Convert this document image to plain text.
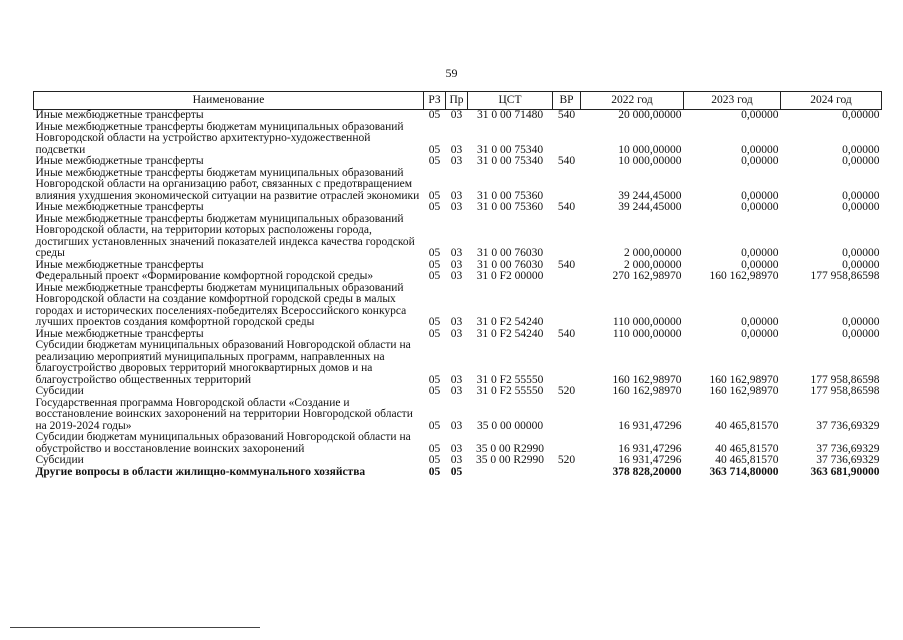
59
Наименование	РЗ	Пр	ЦСТ	ВР	2022 год	2023 год	2024 год
Иные межбюджетные трансферты	05	03	31 0 00 71480	540	20 000,00000	0,00000	0,00000
Иные межбюджетные трансферты бюджетам муниципальных образований Новгородской области на устройство архитектурно-художественной подсветки	05	03	31 0 00 75340		10 000,00000	0,00000	0,00000
Иные межбюджетные трансферты	05	03	31 0 00 75340	540	10 000,00000	0,00000	0,00000
Иные межбюджетные трансферты бюджетам муниципальных образований Новгородской области на организацию работ, связанных с предотвращением влияния ухудшения экономической ситуации на развитие отраслей экономики	05	03	31 0 00 75360		39 244,45000	0,00000	0,00000
Иные межбюджетные трансферты	05	03	31 0 00 75360	540	39 244,45000	0,00000	0,00000
Иные межбюджетные трансферты бюджетам муниципальных образований Новгородской области, на территории которых расположены города, достигших установленных значений показателей индекса качества городской среды	05	03	31 0 00 76030		2 000,00000	0,00000	0,00000
Иные межбюджетные трансферты	05	03	31 0 00 76030	540	2 000,00000	0,00000	0,00000
Федеральный проект «Формирование комфортной городской среды»	05	03	31 0 F2 00000		270 162,98970	160 162,98970	177 958,86598
Иные межбюджетные трансферты бюджетам муниципальных образований Новгородской области на создание комфортной городской среды в малых городах и исторических поселениях-победителях Всероссийского конкурса лучших проектов создания комфортной городской среды	05	03	31 0 F2 54240		110 000,00000	0,00000	0,00000
Иные межбюджетные трансферты	05	03	31 0 F2 54240	540	110 000,00000	0,00000	0,00000
Субсидии бюджетам муниципальных образований Новгородской области на реализацию мероприятий муниципальных программ, направленных на благоустройство дворовых территорий многоквартирных домов и на благоустройство общественных территорий	05	03	31 0 F2 55550		160 162,98970	160 162,98970	177 958,86598
Субсидии	05	03	31 0 F2 55550	520	160 162,98970	160 162,98970	177 958,86598
Государственная программа Новгородской области «Создание и восстановление воинских захоронений на территории Новгородской области на 2019-2024 годы»	05	03	35 0 00 00000		16 931,47296	40 465,81570	37 736,69329
Субсидии бюджетам муниципальных образований Новгородской области на обустройство и восстановление воинских захоронений	05	03	35 0 00 R2990		16 931,47296	40 465,81570	37 736,69329
Субсидии	05	03	35 0 00 R2990	520	16 931,47296	40 465,81570	37 736,69329
Другие вопросы в области жилищно-коммунального хозяйства	05	05			378 828,20000	363 714,80000	363 681,90000
